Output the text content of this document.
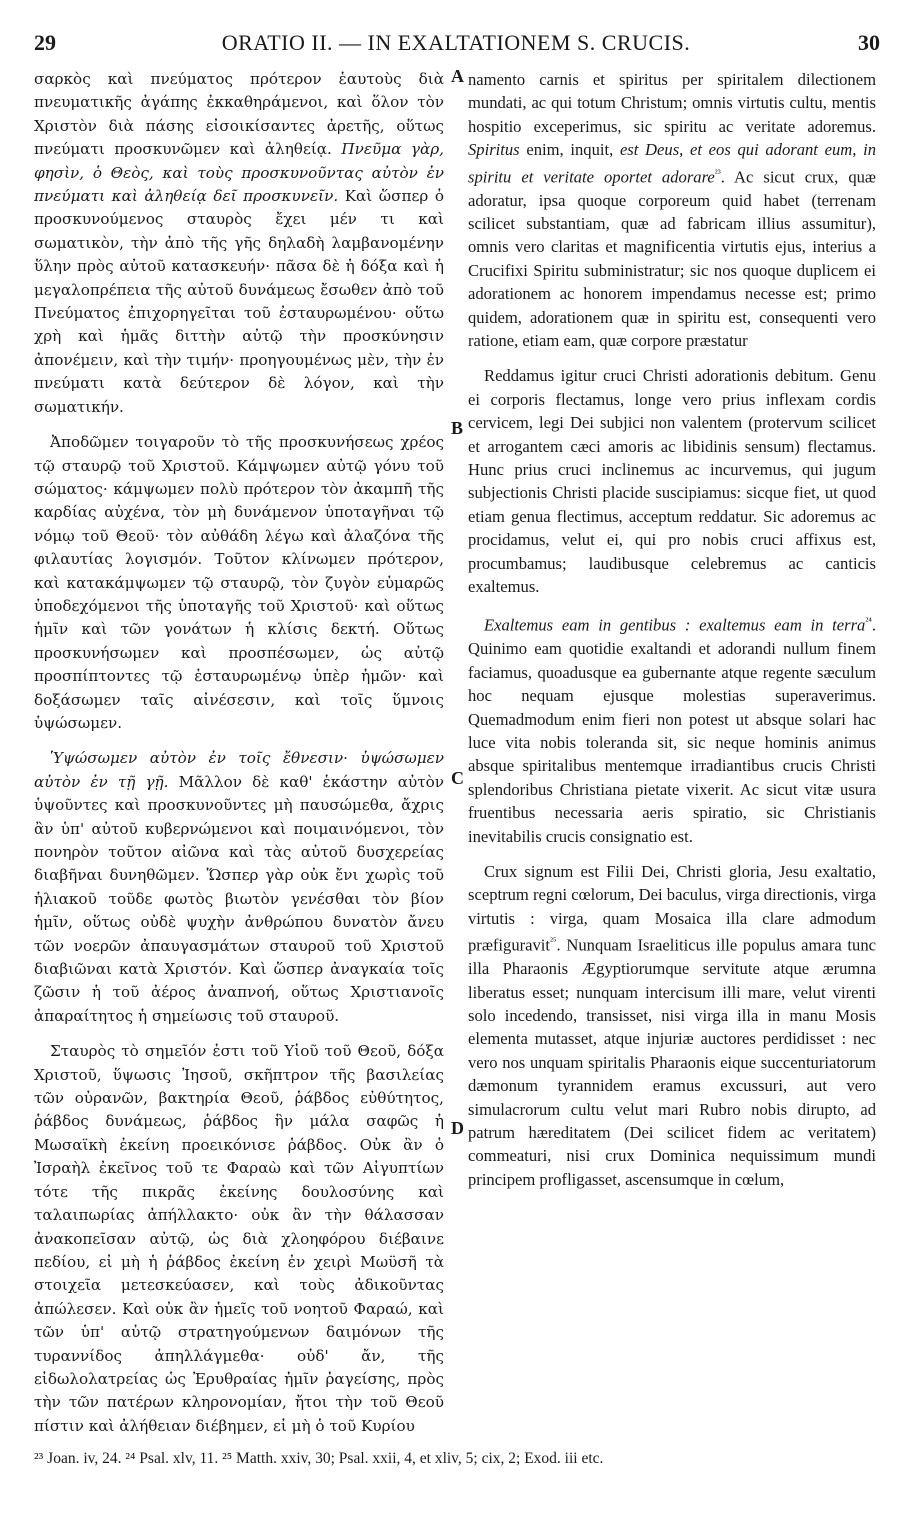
29	ORATIO II. — IN EXALTATIONEM S. CRUCIS.	30
A
B
C
D

σαρκὸς καὶ πνεύματος πρότερον ἑαυτοὺς διὰ πνευματικῆς ἀγάπης ἐκκαθηράμενοι, καὶ ὅλον τὸν Χριστὸν διὰ πάσης εἰσοικίσαντες ἀρετῆς, οὕτως πνεύματι προσκυνῶμεν καὶ ἀληθείᾳ. Πνεῦμα γὰρ, φησὶν, ὁ Θεὸς, καὶ τοὺς προσκυνοῦντας αὐτὸν ἐν πνεύματι καὶ ἀληθείᾳ δεῖ προσκυνεῖν. Καὶ ὥσπερ ὁ προσκυνούμενος σταυρὸς ἔχει μέν τι καὶ σωματικὸν, τὴν ἀπὸ τῆς γῆς δηλαδὴ λαμβανομένην ὕλην πρὸς αὐτοῦ κατασκευήν· πᾶσα δὲ ἡ δόξα καὶ ἡ μεγαλοπρέπεια τῆς αὐτοῦ δυνάμεως ἔσωθεν ἀπὸ τοῦ Πνεύματος ἐπιχορηγεῖται τοῦ ἐσταυρωμένου· οὕτω χρὴ καὶ ἡμᾶς διττὴν αὐτῷ τὴν προσκύνησιν ἀπονέμειν, καὶ τὴν τιμήν· προηγουμένως μὲν, τὴν ἐν πνεύματι κατὰ δεύτερον δὲ λόγον, καὶ τὴν σωματικήν.

Ἀποδῶμεν τοιγαροῦν τὸ τῆς προσκυνήσεως χρέος τῷ σταυρῷ τοῦ Χριστοῦ. Κάμψωμεν αὐτῷ γόνυ τοῦ σώματος· κάμψωμεν πολὺ πρότερον τὸν ἀκαμπῆ τῆς καρδίας αὐχένα, τὸν μὴ δυνάμενον ὑποταγῆναι τῷ νόμῳ τοῦ Θεοῦ· τὸν αὐθάδη λέγω καὶ ἀλαζόνα τῆς φιλαυτίας λογισμόν. Τοῦτον κλίνωμεν πρότερον, καὶ κατακάμψωμεν τῷ σταυρῷ, τὸν ζυγὸν εὐμαρῶς ὑποδεχόμενοι τῆς ὑποταγῆς τοῦ Χριστοῦ· καὶ οὕτως ἡμῖν καὶ τῶν γονάτων ἡ κλίσις δεκτή. Οὕτως προσκυνήσωμεν καὶ προσπέσωμεν, ὡς αὐτῷ προσπίπτοντες τῷ ἐσταυρωμένῳ ὑπὲρ ἡμῶν· καὶ δοξάσωμεν ταῖς αἰνέσεσιν, καὶ τοῖς ὕμνοις ὑψώσωμεν.

Ὑψώσωμεν αὐτὸν ἐν τοῖς ἔθνεσιν· ὑψώσωμεν αὐτὸν ἐν τῇ γῇ. Μᾶλλον δὲ καθ' ἑκάστην αὐτὸν ὑψοῦντες καὶ προσκυνοῦντες μὴ παυσώμεθα, ἄχρις ἂν ὑπ' αὐτοῦ κυβερνώμενοι καὶ ποιμαινόμενοι, τὸν πονηρὸν τοῦτον αἰῶνα καὶ τὰς αὐτοῦ δυσχερείας διαβῆναι δυνηθῶμεν. Ὥσπερ γὰρ οὐκ ἔνι χωρὶς τοῦ ἡλιακοῦ τοῦδε φωτὸς βιωτὸν γενέσθαι τὸν βίον ἡμῖν, οὕτως οὐδὲ ψυχὴν ἀνθρώπου δυνατὸν ἄνευ τῶν νοερῶν ἀπαυγασμάτων σταυροῦ τοῦ Χριστοῦ διαβιῶναι κατὰ Χριστόν. Καὶ ὥσπερ ἀναγκαία τοῖς ζῶσιν ἡ τοῦ ἀέρος ἀναπνοή, οὕτως Χριστιανοῖς ἀπαραίτητος ἡ σημείωσις τοῦ σταυροῦ.

Σταυρὸς τὸ σημεῖόν ἐστι τοῦ Υἱοῦ τοῦ Θεοῦ, δόξα Χριστοῦ, ὕψωσις Ἰησοῦ, σκῆπτρον τῆς βασιλείας τῶν οὐρανῶν, βακτηρία Θεοῦ, ῥάβδος εὐθύτητος, ῥάβδος δυνάμεως, ῥάβδος ἣν μάλα σαφῶς ἡ Μωσαϊκὴ ἐκείνη προεικόνισε ῥάβδος. Οὐκ ἂν ὁ Ἰσραὴλ ἐκεῖνος τοῦ τε Φαραὼ καὶ τῶν Αἰγυπτίων τότε τῆς πικρᾶς ἐκείνης δουλοσύνης καὶ ταλαιπωρίας ἀπήλλακτο· οὐκ ἂν τὴν θάλασσαν ἀνακοπεῖσαν αὐτῷ, ὡς διὰ χλοηφόρου διέβαινε πεδίου, εἰ μὴ ἡ ῥάβδος ἐκείνη ἐν χειρὶ Μωϋσῆ τὰ στοιχεῖα μετεσκεύασεν, καὶ τοὺς ἀδικοῦντας ἀπώλεσεν. Καὶ οὐκ ἂν ἡμεῖς τοῦ νοητοῦ Φαραώ, καὶ τῶν ὑπ' αὐτῷ στρατηγούμενων δαιμόνων τῆς τυραννίδος ἀπηλλάγμεθα· οὐδ' ἄν, τῆς εἰδωλολατρείας ὡς Ἐρυθραίας ἡμῖν ῥαγείσης, πρὸς τὴν τῶν πατέρων κληρονομίαν, ἤτοι τὴν τοῦ Θεοῦ πίστιν καὶ ἀλήθειαν διέβημεν, εἰ μὴ ὁ τοῦ Κυρίου

namento carnis et spiritus per spiritalem dilectionem mundati, ac qui totum Christum; omnis virtutis cultu, mentis hospitio exceperimus, sic spiritu ac veritate adoremus. Spiritus enim, inquit, est Deus, et eos qui adorant eum, in spiritu et veritate oportet adorare$^{^{23}}$. Ac sicut crux, quæ adoratur, ipsa quoque corporeum quid habet (terrenam scilicet substantiam, quæ ad fabricam illius assumitur), omnis vero claritas et magnificentia virtutis ejus, interius a Crucifixi Spiritu subministratur; sic nos quoque duplicem ei adorationem ac honorem impendamus necesse est; primo quidem, adorationem quæ in spiritu est, consequenti vero ratione, etiam eam, quæ corpore præstatur

Reddamus igitur cruci Christi adorationis debitum. Genu ei corporis flectamus, longe vero prius inflexam cordis cervicem, legi Dei subjici non valentem (protervum scilicet et arrogantem cæci amoris ac libidinis sensum) flectamus. Hunc prius cruci inclinemus ac incurvemus, qui jugum subjectionis Christi placide suscipiamus: sicque fiet, ut quod etiam genua flectimus, acceptum reddatur. Sic adoremus ac procidamus, velut ei, qui pro nobis cruci affixus est, procumbamus; laudibusque celebremus ac canticis exaltemus.

Exaltemus eam in gentibus : exaltemus eam in terra$^{^{24}}$. Quinimo eam quotidie exaltandi et adorandi nullum finem faciamus, quoadusque ea gubernante atque regente sæculum hoc nequam ejusque molestias superaverimus. Quemadmodum enim fieri non potest ut absque solari hac luce vita nobis toleranda sit, sic neque hominis animus absque spiritalibus mentemque irradiantibus crucis Christi splendoribus Christiana pietate vixerit. Ac sicut vitæ usura fruentibus necessaria aeris spiratio, sic Christianis inevitabilis crucis consignatio est.

Crux signum est Filii Dei, Christi gloria, Jesu exaltatio, sceptrum regni cœlorum, Dei baculus, virga directionis, virga virtutis : virga, quam Mosaica illa clare admodum præfiguravit$^{^{25}}$. Nunquam Israeliticus ille populus amara tunc illa Pharaonis Ægyptiorumque servitute atque ærumna liberatus esset; nunquam intercisum illi mare, velut virenti solo incedendo, transisset, nisi virga illa in manu Mosis elementa mutasset, atque injuriæ auctores perdidisset : nec vero nos unquam spiritalis Pharaonis eique succenturiatorum dæmonum tyrannidem eramus excussuri, aut vero simulacrorum cultu velut mari Rubro nobis dirupto, ad patrum hæreditatem (Dei scilicet fidem ac veritatem) commeaturi, nisi crux Dominica nequissimum mundi principem profligasset, ascensumque in cœlum,

²³ Joan. iv, 24. ²⁴ Psal. xlv, 11. ²⁵ Matth. xxiv, 30; Psal. xxii, 4, et xliv, 5; cix, 2; Exod. iii etc.
